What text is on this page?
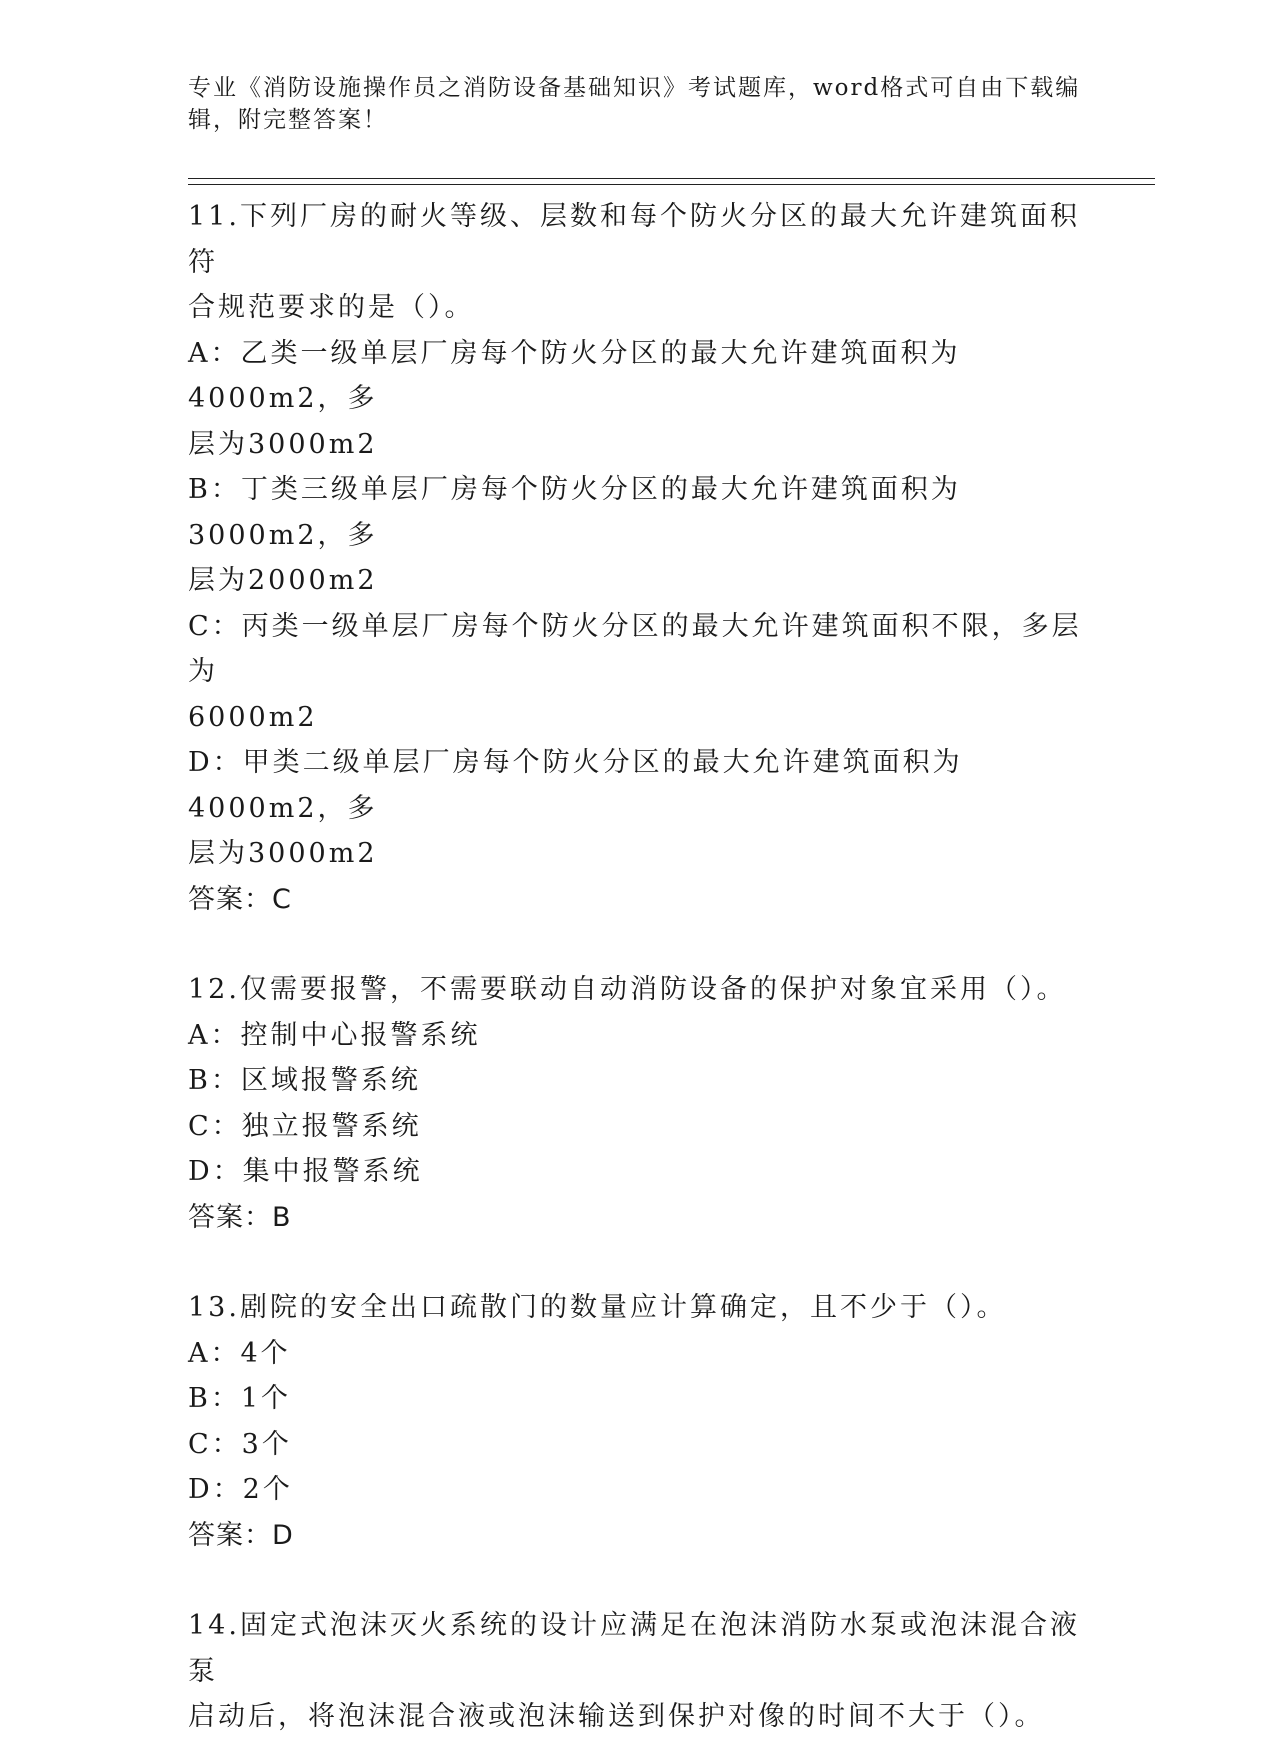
专业《消防设施操作员之消防设备基础知识》考试题库，word格式可自由下载编
辑，附完整答案！
11.下列厂房的耐火等级、层数和每个防火分区的最大允许建筑面积符
合规范要求的是（）。
A：乙类一级单层厂房每个防火分区的最大允许建筑面积为4000m2，多
层为3000m2
B：丁类三级单层厂房每个防火分区的最大允许建筑面积为3000m2，多
层为2000m2
C：丙类一级单层厂房每个防火分区的最大允许建筑面积不限，多层为
6000m2
D：甲类二级单层厂房每个防火分区的最大允许建筑面积为4000m2，多
层为3000m2
答案：C
12.仅需要报警，不需要联动自动消防设备的保护对象宜采用（）。
A：控制中心报警系统
B：区域报警系统
C：独立报警系统
D：集中报警系统
答案：B
13.剧院的安全出口疏散门的数量应计算确定，且不少于（）。
A：4个
B：1个
C：3个
D：2个
答案：D
14.固定式泡沫灭火系统的设计应满足在泡沫消防水泵或泡沫混合液泵
启动后，将泡沫混合液或泡沫输送到保护对像的时间不大于（）。
